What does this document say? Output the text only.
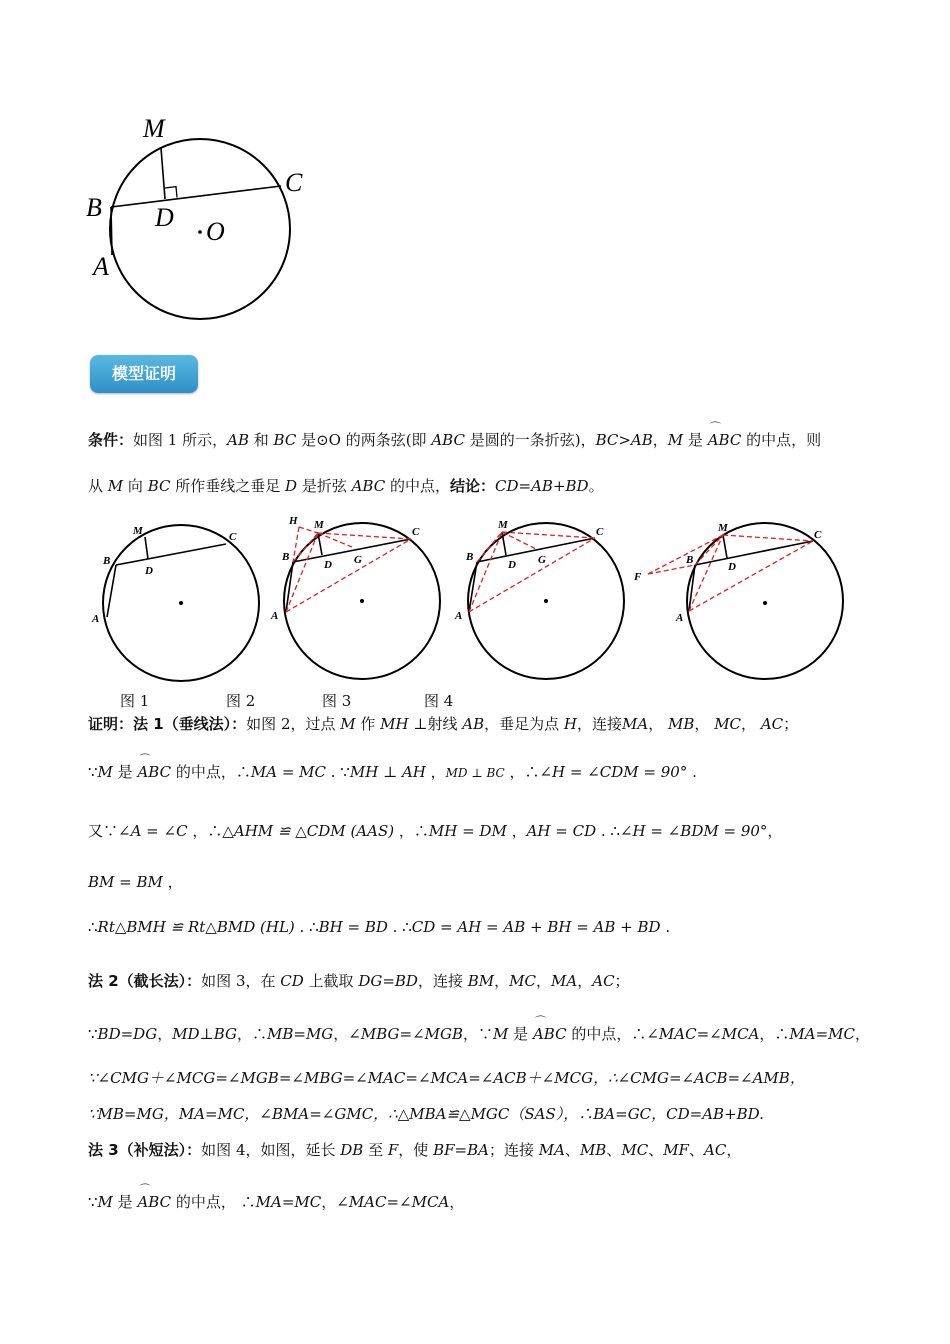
M
C
B D O
A
模型证明
条件：如图 1 所示，AB 和 BC 是⊙O 的两条弦(即 ABC 是圆的一条折弦)，BC>AB，M 是 ⌒ ABC 的中点，则
从 M 向 BC 所作垂线之垂足 D 是折弦 ABC 的中点，结论：CD=AB+BD。
M	C
B
D
A
H M
C
B
D G
A
M
C
B
D G
A
M
C
B
D
F
A
图 1	图 2	图 3	图 4
证明：法 1（垂线法）：如图 2，过点 M 作 MH ⊥射线 AB，垂足为点 H，连接MA， MB， MC， AC；
∵M 是 ⌒ ABC 的中点，∴MA = MC . ∵MH ⊥ AH ，MD ⊥ BC ，∴∠H = ∠CDM = 90° .
又∵∠A = ∠C ，∴△AHM ≌ △CDM (AAS) ，∴MH = DM ，AH = CD . ∴∠H = ∠BDM = 90°，
BM = BM ，
∴Rt△BMH ≌ Rt△BMD (HL) . ∴BH = BD . ∴CD = AH = AB + BH = AB + BD .
法 2（截长法）：如图 3，在 CD 上截取 DG=BD，连接 BM，MC，MA，AC；
∵BD=DG，MD⊥BG，∴MB=MG，∠MBG=∠MGB，∵M 是 ⌒ ABC 的中点，∴∠MAC=∠MCA，∴MA=MC，
∵∠CMG＋∠MCG=∠MGB=∠MBG=∠MAC=∠MCA=∠ACB＋∠MCG，∴∠CMG=∠ACB=∠AMB，
∵MB=MG，MA=MC，∠BMA=∠GMC，∴△MBA≌△MGC（SAS），∴BA=GC，CD=AB+BD.
法 3（补短法）：如图 4，如图，延长 DB 至 F，使 BF=BA；连接 MA、MB、MC、MF、AC，
∵M 是 ⌒ ABC 的中点， ∴MA=MC，∠MAC=∠MCA，
